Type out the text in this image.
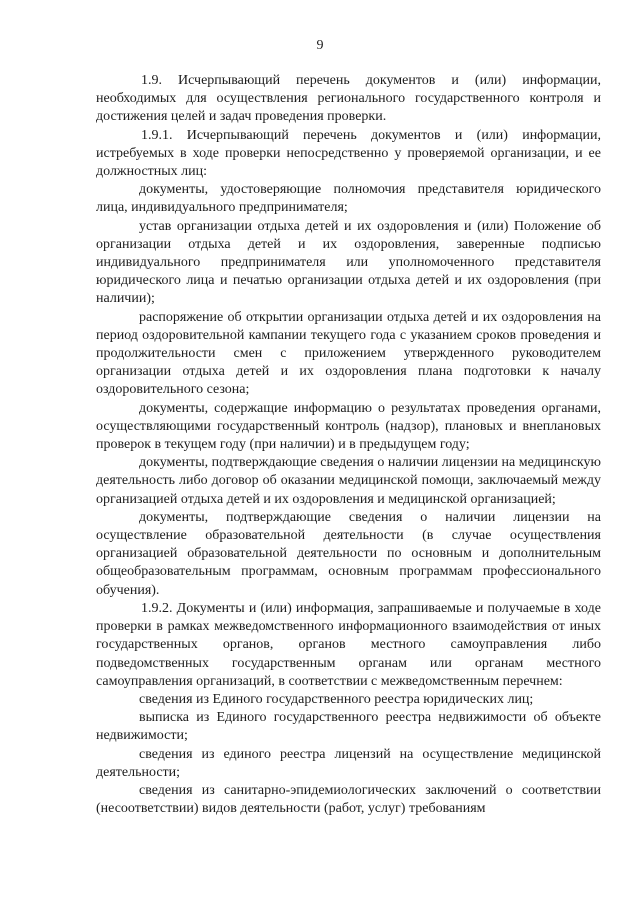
9

1.9. Исчерпывающий перечень документов и (или) информации, необходимых для осуществления регионального государственного контроля и достижения целей и задач проведения проверки.

1.9.1. Исчерпывающий перечень документов и (или) информации, истребуемых в ходе проверки непосредственно у проверяемой организации, и ее должностных лиц:

документы, удостоверяющие полномочия представителя юридического лица, индивидуального предпринимателя;

устав организации отдыха детей и их оздоровления и (или) Положение об организации отдыха детей и их оздоровления, заверенные подписью индивидуального предпринимателя или уполномоченного представителя юридического лица и печатью организации отдыха детей и их оздоровления (при наличии);

распоряжение об открытии организации отдыха детей и их оздоровления на период оздоровительной кампании текущего года с указанием сроков проведения и продолжительности смен с приложением утвержденного руководителем организации отдыха детей и их оздоровления плана подготовки к началу оздоровительного сезона;

документы, содержащие информацию о результатах проведения органами, осуществляющими государственный контроль (надзор), плановых и внеплановых проверок в текущем году (при наличии) и в предыдущем году;

документы, подтверждающие сведения о наличии лицензии на медицинскую деятельность либо договор об оказании медицинской помощи, заключаемый между организацией отдыха детей и их оздоровления и медицинской организацией;

документы, подтверждающие сведения о наличии лицензии на осуществление образовательной деятельности (в случае осуществления организацией образовательной деятельности по основным и дополнительным общеобразовательным программам, основным программам профессионального обучения).

1.9.2. Документы и (или) информация, запрашиваемые и получаемые в ходе проверки в рамках межведомственного информационного взаимодействия от иных государственных органов, органов местного самоуправления либо подведомственных государственным органам или органам местного самоуправления организаций, в соответствии с межведомственным перечнем:

сведения из Единого государственного реестра юридических лиц;

выписка из Единого государственного реестра недвижимости об объекте недвижимости;

сведения из единого реестра лицензий на осуществление медицинской деятельности;

сведения из санитарно-эпидемиологических заключений о соответствии (несоответствии) видов деятельности (работ, услуг) требованиям
